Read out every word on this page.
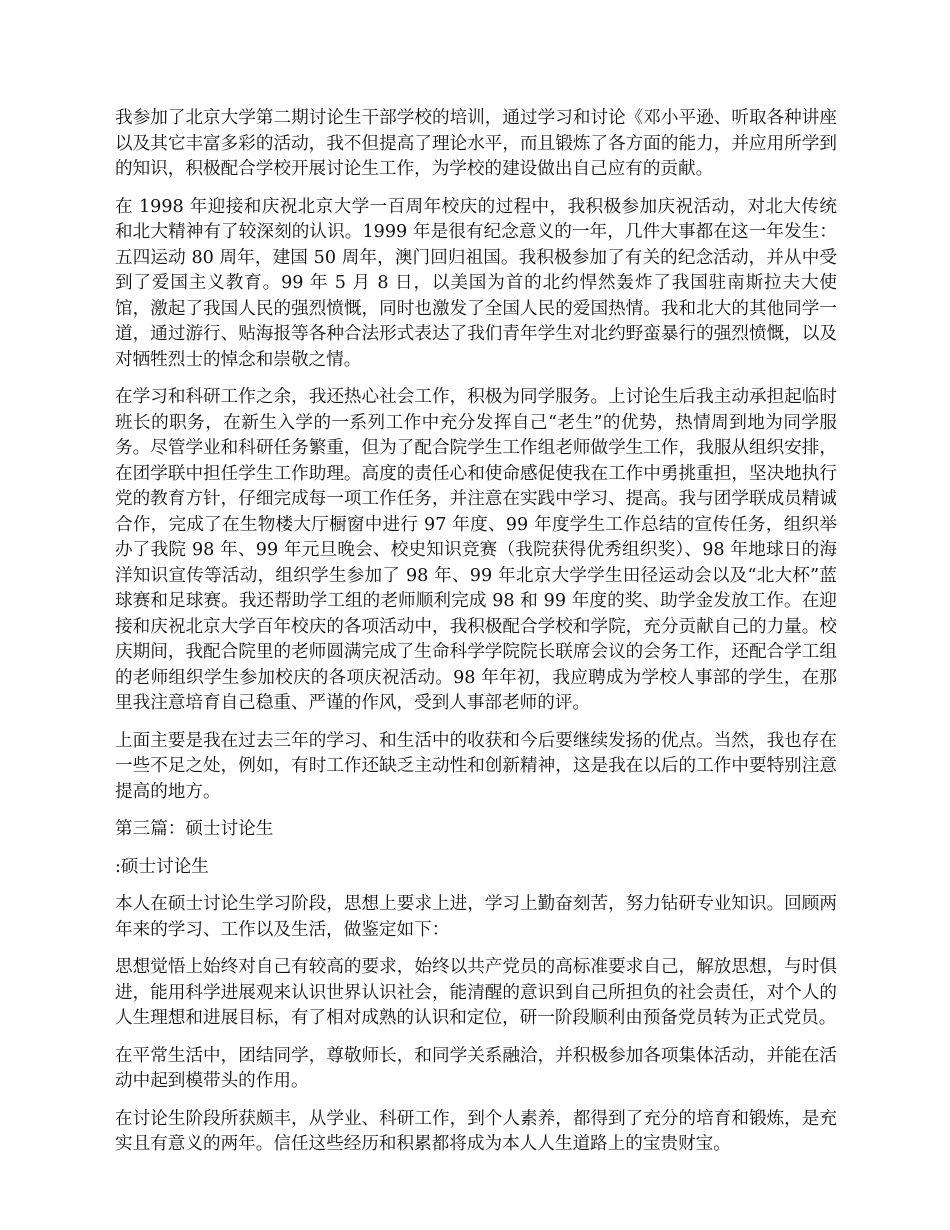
我参加了北京大学第二期讨论生干部学校的培训，通过学习和讨论《邓小平逊、听取各种讲座以及其它丰富多彩的活动，我不但提高了理论水平，而且锻炼了各方面的能力，并应用所学到的知识，积极配合学校开展讨论生工作，为学校的建设做出自己应有的贡献。

在 1998 年迎接和庆祝北京大学一百周年校庆的过程中，我积极参加庆祝活动，对北大传统和北大精神有了较深刻的认识。1999 年是很有纪念意义的一年，几件大事都在这一年发生：五四运动 80 周年，建国 50 周年，澳门回归祖国。我积极参加了有关的纪念活动，并从中受到了爱国主义教育。99 年 5 月 8 日，以美国为首的北约悍然轰炸了我国驻南斯拉夫大使馆，激起了我国人民的强烈愤慨，同时也激发了全国人民的爱国热情。我和北大的其他同学一道，通过游行、贴海报等各种合法形式表达了我们青年学生对北约野蛮暴行的强烈愤慨，以及对牺牲烈士的悼念和崇敬之情。

在学习和科研工作之余，我还热心社会工作，积极为同学服务。上讨论生后我主动承担起临时班长的职务，在新生入学的一系列工作中充分发挥自己“老生”的优势，热情周到地为同学服务。尽管学业和科研任务繁重，但为了配合院学生工作组老师做学生工作，我服从组织安排，在团学联中担任学生工作助理。高度的责任心和使命感促使我在工作中勇挑重担，坚决地执行党的教育方针，仔细完成每一项工作任务，并注意在实践中学习、提高。我与团学联成员精诚合作，完成了在生物楼大厅橱窗中进行 97 年度、99 年度学生工作总结的宣传任务，组织举办了我院 98 年、99 年元旦晚会、校史知识竞赛（我院获得优秀组织奖）、98 年地球日的海洋知识宣传等活动，组织学生参加了 98 年、99 年北京大学学生田径运动会以及“北大杯”蓝球赛和足球赛。我还帮助学工组的老师顺利完成 98 和 99 年度的奖、助学金发放工作。在迎接和庆祝北京大学百年校庆的各项活动中，我积极配合学校和学院，充分贡献自己的力量。校庆期间，我配合院里的老师圆满完成了生命科学学院院长联席会议的会务工作，还配合学工组的老师组织学生参加校庆的各项庆祝活动。98 年年初，我应聘成为学校人事部的学生，在那里我注意培育自己稳重、严谨的作风，受到人事部老师的评。

上面主要是我在过去三年的学习、和生活中的收获和今后要继续发扬的优点。当然，我也存在一些不足之处，例如，有时工作还缺乏主动性和创新精神，这是我在以后的工作中要特别注意提高的地方。

第三篇：硕士讨论生

:硕士讨论生

本人在硕士讨论生学习阶段，思想上要求上进，学习上勤奋刻苦，努力钻研专业知识。回顾两年来的学习、工作以及生活，做鉴定如下：

思想觉悟上始终对自己有较高的要求，始终以共产党员的高标准要求自己，解放思想，与时俱进，能用科学进展观来认识世界认识社会，能清醒的意识到自己所担负的社会责任，对个人的人生理想和进展目标，有了相对成熟的认识和定位，研一阶段顺利由预备党员转为正式党员。

在平常生活中，团结同学，尊敬师长，和同学关系融洽，并积极参加各项集体活动，并能在活动中起到模带头的作用。

在讨论生阶段所获颇丰，从学业、科研工作，到个人素养，都得到了充分的培育和锻炼，是充实且有意义的两年。信任这些经历和积累都将成为本人人生道路上的宝贵财宝。
